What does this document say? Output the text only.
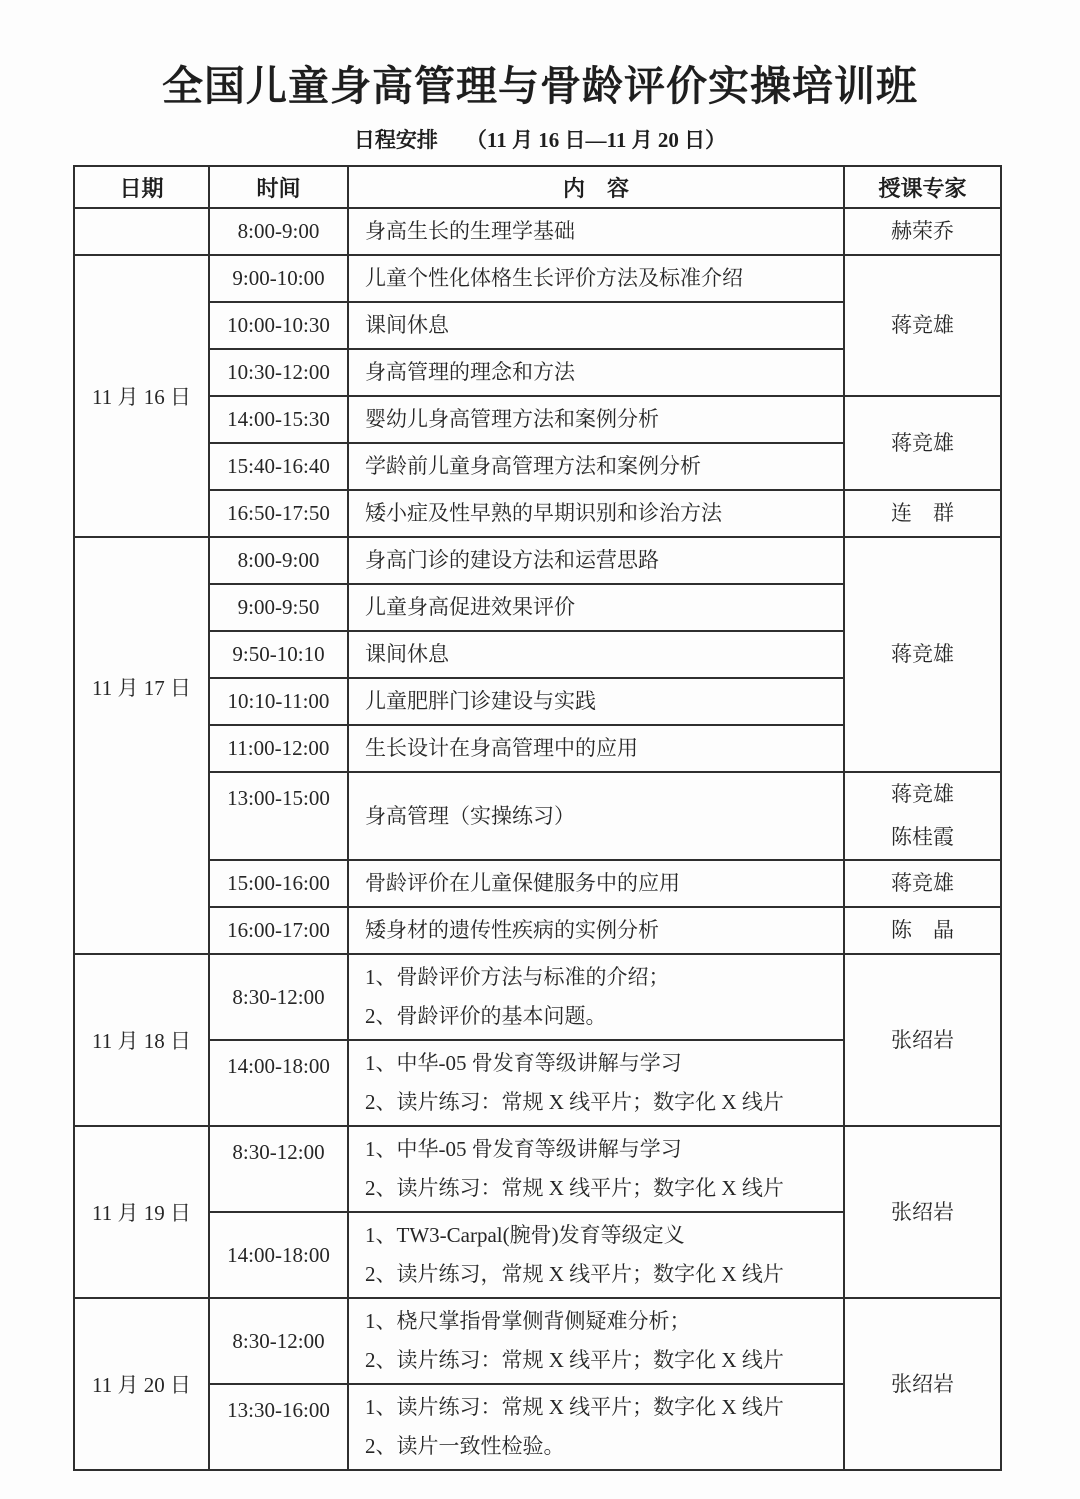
全国儿童身高管理与骨龄评价实操培训班
日程安排 （11 月 16 日—11 月 20 日）
日期	时间	内　容	授课专家
	8:00-9:00	身高生长的生理学基础	赫荣乔

11 月 16 日	9:00-10:00	儿童个性化体格生长评价方法及标准介绍	蒋竞雄

	10:00-10:30	课间休息	

	10:30-12:00	身高管理的理念和方法	

	14:00-15:30	婴幼儿身高管理方法和案例分析	蒋竞雄

	15:40-16:40	学龄前儿童身高管理方法和案例分析	

	16:50-17:50	矮小症及性早熟的早期识别和诊治方法	连　群

11 月 17 日	8:00-9:00	身高门诊的建设方法和运营思路	蒋竞雄

	9:00-9:50	儿童身高促进效果评价	

	9:50-10:10	课间休息	

	10:10-11:00	儿童肥胖门诊建设与实践	

	11:00-12:00	生长设计在身高管理中的应用	

	13:00-15:00	身高管理（实操练习）	蒋竞雄
陈桂霞

	15:00-16:00	骨龄评价在儿童保健服务中的应用	蒋竞雄

	16:00-17:00	矮身材的遗传性疾病的实例分析	陈　晶

11 月 18 日	8:30-12:00	1、骨龄评价方法与标准的介绍；
2、骨龄评价的基本问题。	张绍岩

	14:00-18:00	1、中华-05 骨发育等级讲解与学习
2、读片练习：常规 X 线平片；数字化 X 线片	

11 月 19 日	8:30-12:00	1、中华-05 骨发育等级讲解与学习
2、读片练习：常规 X 线平片；数字化 X 线片	张绍岩

	14:00-18:00	1、TW3-Carpal(腕骨)发育等级定义
2、读片练习，常规 X 线平片；数字化 X 线片	

11 月 20 日	8:30-12:00	1、桡尺掌指骨掌侧背侧疑难分析；
2、读片练习：常规 X 线平片；数字化 X 线片	张绍岩

	13:30-16:00	1、读片练习：常规 X 线平片；数字化 X 线片
2、读片一致性检验。	
